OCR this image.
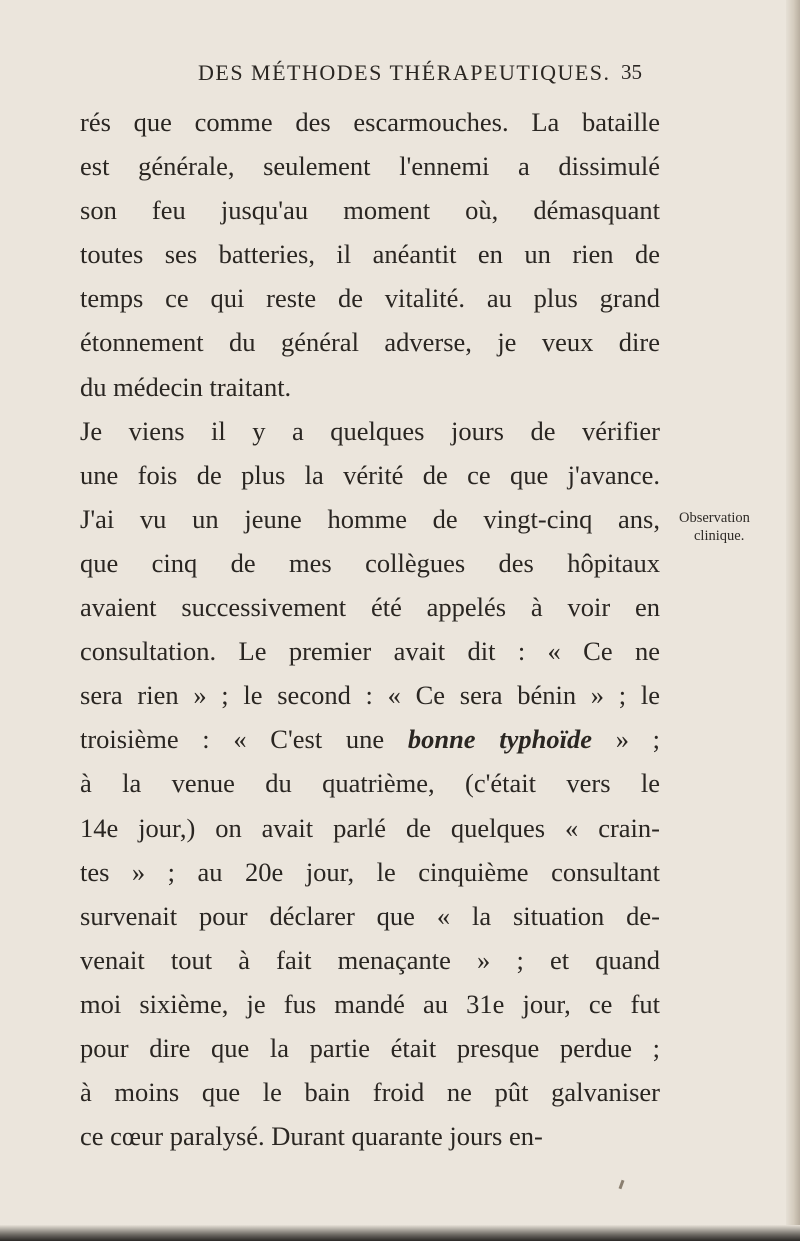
DES MÉTHODES THÉRAPEUTIQUES. 35
rés que comme des escarmouches. La bataille
est générale, seulement l'ennemi a dissimulé
son feu jusqu'au moment où, démasquant
toutes ses batteries, il anéantit en un rien de
temps ce qui reste de vitalité. au plus grand
étonnement du général adverse, je veux dire
du médecin traitant.
Je viens il y a quelques jours de vérifier
une fois de plus la vérité de ce que j'avance.
J'ai vu un jeune homme de vingt-cinq ans,
que cinq de mes collègues des hôpitaux
avaient successivement été appelés à voir en
consultation. Le premier avait dit : « Ce ne
sera rien » ; le second : « Ce sera bénin » ; le
troisième : « C'est une bonne typhoïde » ;
à la venue du quatrième, (c'était vers le
14e jour,) on avait parlé de quelques « crain-
tes » ; au 20e jour, le cinquième consultant
survenait pour déclarer que « la situation de-
venait tout à fait menaçante » ; et quand
moi sixième, je fus mandé au 31e jour, ce fut
pour dire que la partie était presque perdue ;
à moins que le bain froid ne pût galvaniser
ce cœur paralysé. Durant quarante jours en-
Observation
clinique.
